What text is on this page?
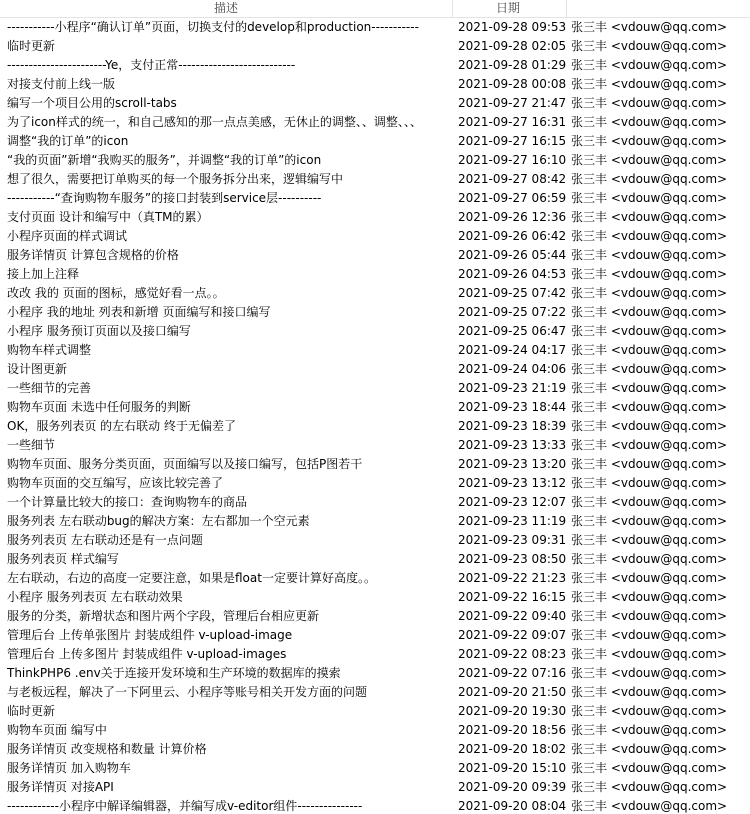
描述	日期
-----------小程序“确认订单”页面，切换支付的develop和production-----------	2021-09-28 09:53 张三丰 <vdouw@qq.com>
临时更新	2021-09-28 02:05 张三丰 <vdouw@qq.com>
-----------------------Ye，支付正常---------------------------	2021-09-28 01:29 张三丰 <vdouw@qq.com>
对接支付前上线一版	2021-09-28 00:08 张三丰 <vdouw@qq.com>
编写一个项目公用的scroll-tabs	2021-09-27 21:47 张三丰 <vdouw@qq.com>
为了icon样式的统一，和自己感知的那一点点美感，无休止的调整、、调整、、、	2021-09-27 16:31 张三丰 <vdouw@qq.com>
调整“我的订单”的icon	2021-09-27 16:15 张三丰 <vdouw@qq.com>
“我的页面”新增“我购买的服务”，并调整“我的订单”的icon	2021-09-27 16:10 张三丰 <vdouw@qq.com>
想了很久，需要把订单购买的每一个服务拆分出来，逻辑编写中	2021-09-27 08:42 张三丰 <vdouw@qq.com>
-----------“查询购物车服务”的接口封装到service层----------	2021-09-27 06:59 张三丰 <vdouw@qq.com>
支付页面 设计和编写中（真TM的累）	2021-09-26 12:36 张三丰 <vdouw@qq.com>
小程序页面的样式调试	2021-09-26 06:42 张三丰 <vdouw@qq.com>
服务详情页 计算包含规格的价格	2021-09-26 05:44 张三丰 <vdouw@qq.com>
接上加上注释	2021-09-26 04:53 张三丰 <vdouw@qq.com>
改改 我的 页面的图标，感觉好看一点。。	2021-09-25 07:42 张三丰 <vdouw@qq.com>
小程序 我的地址 列表和新增 页面编写和接口编写	2021-09-25 07:22 张三丰 <vdouw@qq.com>
小程序 服务预订页面以及接口编写	2021-09-25 06:47 张三丰 <vdouw@qq.com>
购物车样式调整	2021-09-24 04:17 张三丰 <vdouw@qq.com>
设计图更新	2021-09-24 04:06 张三丰 <vdouw@qq.com>
一些细节的完善	2021-09-23 21:19 张三丰 <vdouw@qq.com>
购物车页面 未选中任何服务的判断	2021-09-23 18:44 张三丰 <vdouw@qq.com>
OK，服务列表页 的左右联动 终于无偏差了	2021-09-23 18:39 张三丰 <vdouw@qq.com>
一些细节	2021-09-23 13:33 张三丰 <vdouw@qq.com>
购物车页面、服务分类页面，页面编写以及接口编写，包括P图若干	2021-09-23 13:20 张三丰 <vdouw@qq.com>
购物车页面的交互编写，应该比较完善了	2021-09-23 13:12 张三丰 <vdouw@qq.com>
一个计算量比较大的接口：查询购物车的商品	2021-09-23 12:07 张三丰 <vdouw@qq.com>
服务列表 左右联动bug的解决方案：左右都加一个空元素	2021-09-23 11:19 张三丰 <vdouw@qq.com>
服务列表页 左右联动还是有一点问题	2021-09-23 09:31 张三丰 <vdouw@qq.com>
服务列表页 样式编写	2021-09-23 08:50 张三丰 <vdouw@qq.com>
左右联动，右边的高度一定要注意，如果是float一定要计算好高度。。	2021-09-22 21:23 张三丰 <vdouw@qq.com>
小程序 服务列表页 左右联动效果	2021-09-22 16:15 张三丰 <vdouw@qq.com>
服务的分类，新增状态和图片两个字段，管理后台相应更新	2021-09-22 09:40 张三丰 <vdouw@qq.com>
管理后台 上传单张图片 封装成组件 v-upload-image	2021-09-22 09:07 张三丰 <vdouw@qq.com>
管理后台 上传多图片 封装成组件 v-upload-images	2021-09-22 08:23 张三丰 <vdouw@qq.com>
ThinkPHP6 .env关于连接开发环境和生产环境的数据库的摸索	2021-09-22 07:16 张三丰 <vdouw@qq.com>
与老板远程，解决了一下阿里云、小程序等账号相关开发方面的问题	2021-09-20 21:50 张三丰 <vdouw@qq.com>
临时更新	2021-09-20 19:30 张三丰 <vdouw@qq.com>
购物车页面 编写中	2021-09-20 18:56 张三丰 <vdouw@qq.com>
服务详情页 改变规格和数量 计算价格	2021-09-20 18:02 张三丰 <vdouw@qq.com>
服务详情页 加入购物车	2021-09-20 15:10 张三丰 <vdouw@qq.com>
服务详情页 对接API	2021-09-20 09:39 张三丰 <vdouw@qq.com>
------------小程序中解译编辑器，并编写成v-editor组件---------------	2021-09-20 08:04 张三丰 <vdouw@qq.com>
